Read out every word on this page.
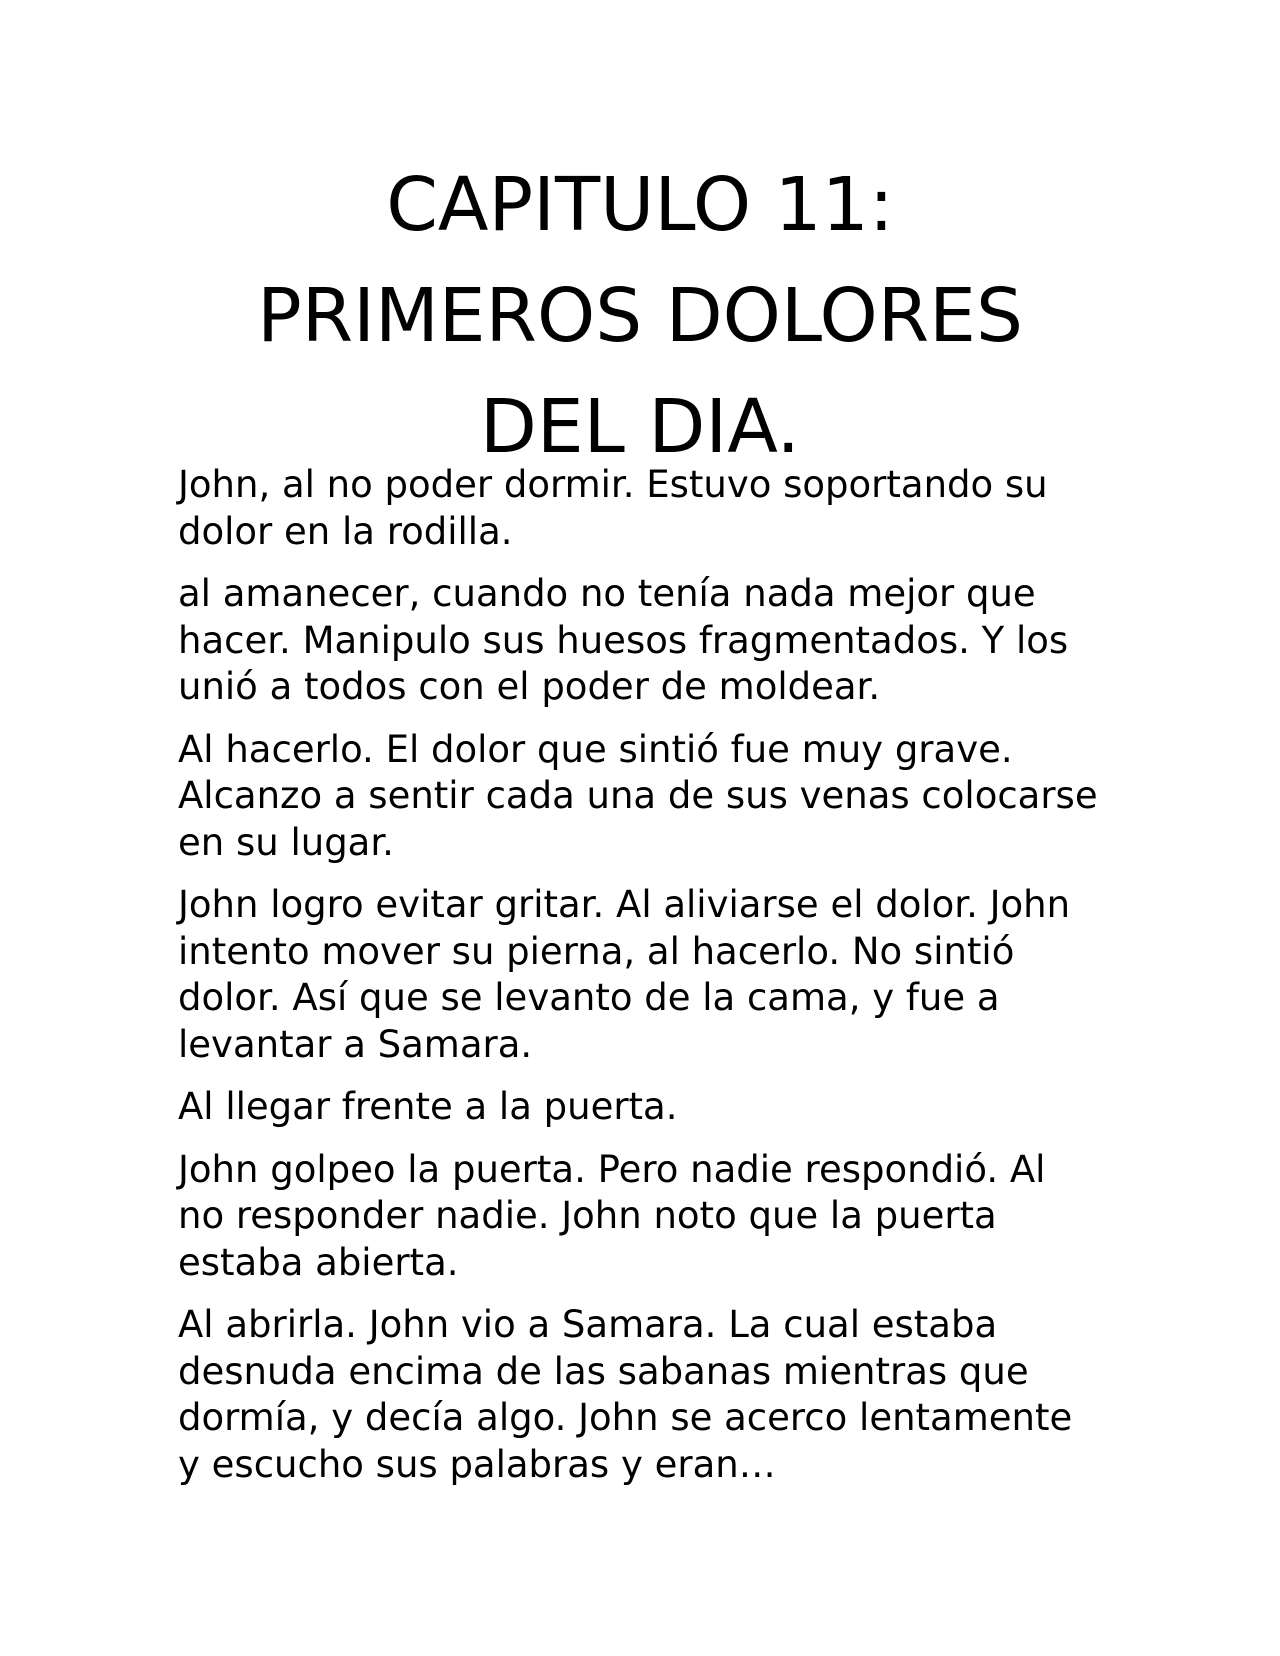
CAPITULO 11:
PRIMEROS DOLORES
DEL DIA.

John, al no poder dormir. Estuvo soportando su dolor en la rodilla.

al amanecer, cuando no tenía nada mejor que hacer. Manipulo sus huesos fragmentados. Y los unió a todos con el poder de moldear.

Al hacerlo. El dolor que sintió fue muy grave. Alcanzo a sentir cada una de sus venas colocarse en su lugar.

John logro evitar gritar. Al aliviarse el dolor. John intento mover su pierna, al hacerlo. No sintió dolor. Así que se levanto de la cama, y fue a levantar a Samara.

Al llegar frente a la puerta.

John golpeo la puerta. Pero nadie respondió. Al no responder nadie. John noto que la puerta estaba abierta.

Al abrirla. John vio a Samara. La cual estaba desnuda encima de las sabanas mientras que dormía, y decía algo. John se acerco lentamente y escucho sus palabras y eran…
